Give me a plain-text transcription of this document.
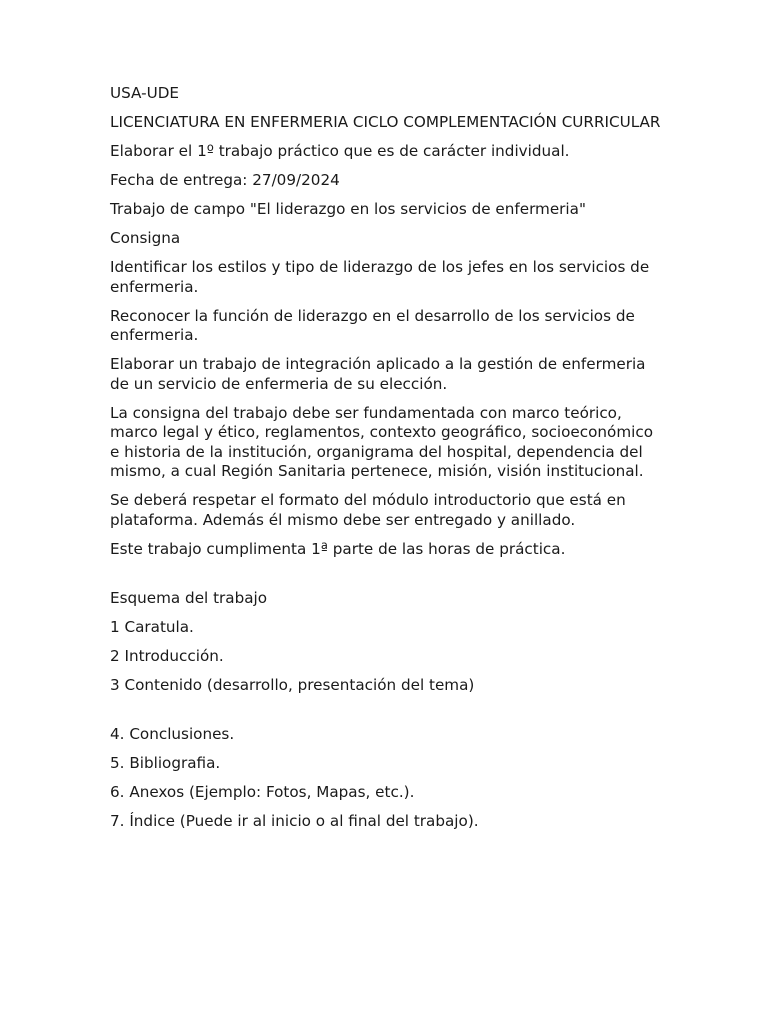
USA-UDE

LICENCIATURA EN ENFERMERIA CICLO COMPLEMENTACIÓN CURRICULAR

Elaborar el 1º trabajo práctico que es de carácter individual.

Fecha de entrega: 27/09/2024

Trabajo de campo "El liderazgo en los servicios de enfermeria"

Consigna

Identificar los estilos y tipo de liderazgo de los jefes en los servicios de enfermeria.

Reconocer la función de liderazgo en el desarrollo de los servicios de enfermeria.

Elaborar un trabajo de integración aplicado a la gestión de enfermeria de un servicio de enfermeria de su elección.

La consigna del trabajo debe ser fundamentada con marco teórico, marco legal y ético, reglamentos, contexto geográfico, socioeconómico e historia de la institución, organigrama del hospital, dependencia del mismo, a cual Región Sanitaria pertenece, misión, visión institucional.

Se deberá respetar el formato del módulo introductorio que está en plataforma. Además él mismo debe ser entregado y anillado.

Este trabajo cumplimenta 1ª parte de las horas de práctica.

Esquema del trabajo

1 Caratula.

2 Introducción.

3 Contenido (desarrollo, presentación del tema)

4. Conclusiones.

5. Bibliografia.

6. Anexos (Ejemplo: Fotos, Mapas, etc.).

7. Índice (Puede ir al inicio o al final del trabajo).
